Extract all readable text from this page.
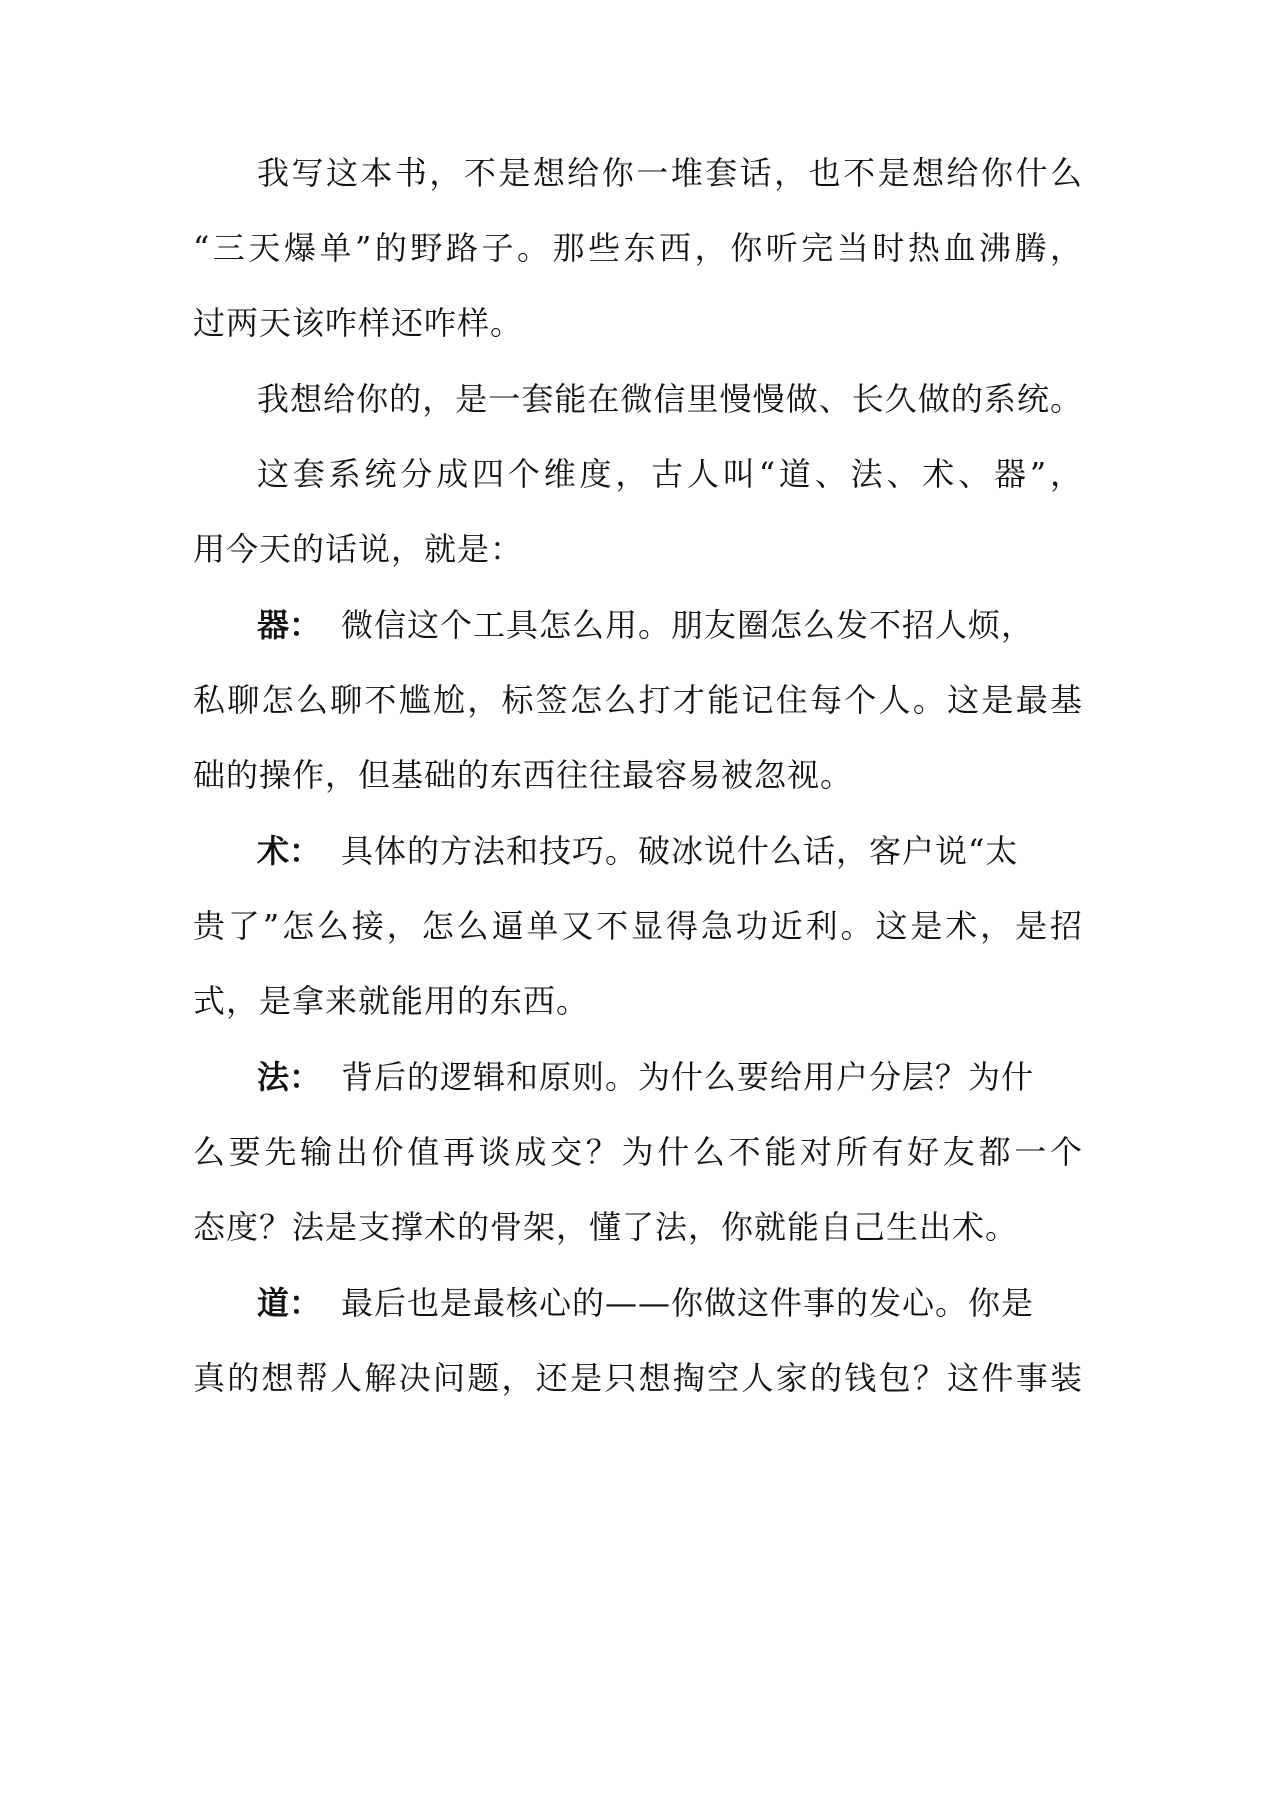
我写这本书，不是想给你一堆套话，也不是想给你什么
“三天爆单”的野路子。那些东西，你听完当时热血沸腾，
过两天该咋样还咋样。
我想给你的，是一套能在微信里慢慢做、长久做的系统。
这套系统分成四个维度，古人叫“道、法、术、器”，
用今天的话说，就是：
器： 微信这个工具怎么用。朋友圈怎么发不招人烦，
私聊怎么聊不尴尬，标签怎么打才能记住每个人。这是最基
础的操作，但基础的东西往往最容易被忽视。
术： 具体的方法和技巧。破冰说什么话，客户说“太
贵了”怎么接，怎么逼单又不显得急功近利。这是术，是招
式，是拿来就能用的东西。
法： 背后的逻辑和原则。为什么要给用户分层？为什
么要先输出价值再谈成交？为什么不能对所有好友都一个
态度？法是支撑术的骨架，懂了法，你就能自己生出术。
道： 最后也是最核心的——你做这件事的发心。你是
真的想帮人解决问题，还是只想掏空人家的钱包？这件事装
